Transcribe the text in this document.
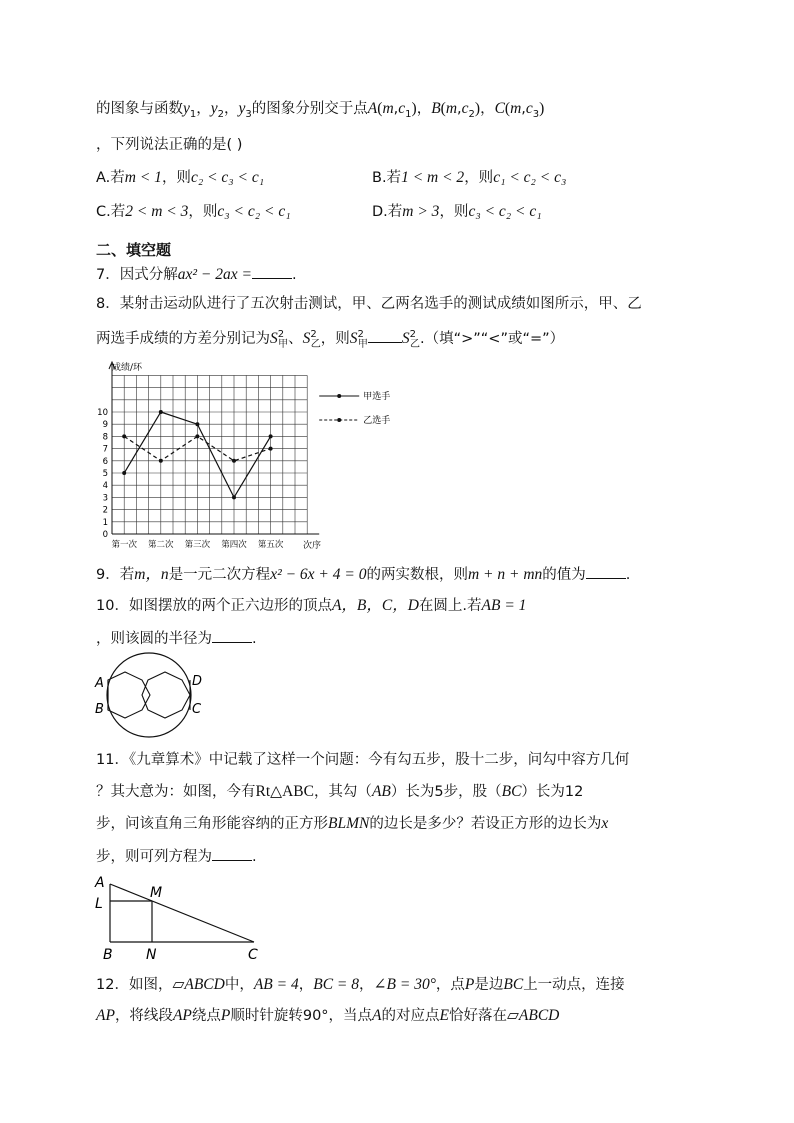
的图象与函数$y_1$，$y_2$，$y_3$的图象分别交于点$A(m,c_1)$，$B(m,c_2)$，$C(m,c_3)$
，下列说法正确的是( )
A.若m < 1，则c₂ < c₃ < c₁	B.若1 < m < 2，则c₁ < c₂ < c₃
C.若2 < m < 3，则c₃ < c₂ < c₁	D.若m > 3，则c₃ < c₂ < c₁
二、填空题
7．因式分解ax² − 2ax =	.
8．某射击运动队进行了五次射击测试，甲、乙两名选手的测试成绩如图所示，甲、乙
两选手成绩的方差分别记为$S^2_甲$、$S^2_乙$，则$S^2_甲$ $S^2_乙$.（填“>”“<”或“=”）
成绩/环
次序
0
1
2
3
4
5
6
7
8
9
10
第一次 第二次 第三次 第四次 第五次
甲选手
乙选手
9．若m，n是一元二次方程x² − 6x + 4 = 0的两实数根，则m + n + mn的值为	.
10．如图摆放的两个正六边形的顶点A，B，C，D在圆上.若AB = 1
，则该圆的半径为	.
A
B	C
D
11．《九章算术》中记载了这样一个问题：今有勾五步，股十二步，问勾中容方几何
？其大意为：如图，今有Rt△ABC，其勾（AB）长为5步，股（BC）长为12
步，问该直角三角形能容纳的正方形BLMN的边长是多少？若设正方形的边长为x
步，则可列方程为	.
A
L
M
B N	C
12．如图，▱ABCD中，AB = 4，BC = 8，∠B = 30°，点P是边BC上一动点，连接
AP，将线段AP绕点P顺时针旋转90°，当点A的对应点E恰好落在▱ABCD
